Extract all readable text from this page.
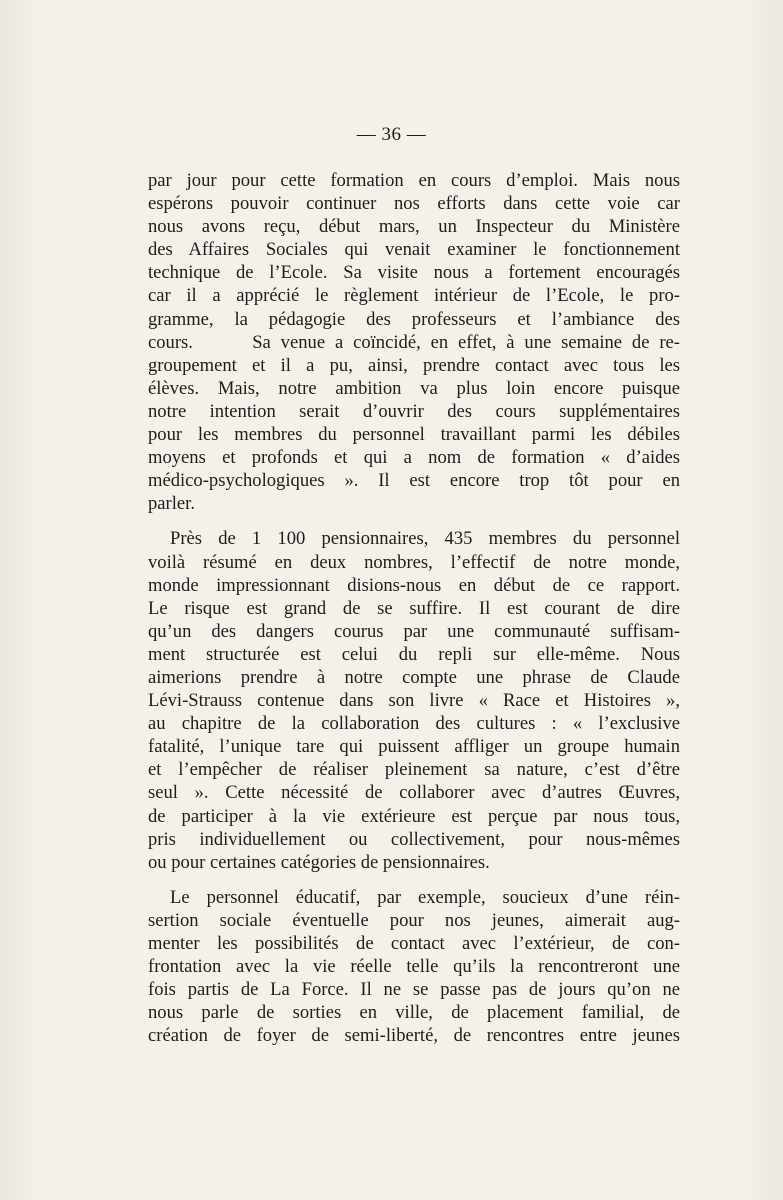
— 36 —
par jour pour cette formation en cours d’emploi. Mais nous
espérons pouvoir continuer nos efforts dans cette voie car
nous avons reçu, début mars, un Inspecteur du Ministère
des Affaires Sociales qui venait examiner le fonctionnement
technique de l’Ecole. Sa visite nous a fortement encouragés
car il a apprécié le règlement intérieur de l’Ecole, le pro-
gramme, la pédagogie des professeurs et l’ambiance des
cours.      Sa venue a coïncidé, en effet, à une semaine de re-
groupement et il a pu, ainsi, prendre contact avec tous les
élèves. Mais, notre ambition va plus loin encore puisque
notre intention serait d’ouvrir des cours supplémentaires
pour les membres du personnel travaillant parmi les débiles
moyens et profonds et qui a nom de formation « d’aides
médico-psychologiques ». Il est encore trop tôt pour en
parler.
Près de 1 100 pensionnaires, 435 membres du personnel
voilà résumé en deux nombres, l’effectif de notre monde,
monde impressionnant disions-nous en début de ce rapport.
Le risque est grand de se suffire. Il est courant de dire
qu’un des dangers courus par une communauté suffisam-
ment structurée est celui du repli sur elle-même. Nous
aimerions prendre à notre compte une phrase de Claude
Lévi-Strauss contenue dans son livre « Race et Histoires »,
au chapitre de la collaboration des cultures : « l’exclusive
fatalité, l’unique tare qui puissent affliger un groupe humain
et l’empêcher de réaliser pleinement sa nature, c’est d’être
seul ». Cette nécessité de collaborer avec d’autres Œuvres,
de participer à la vie extérieure est perçue par nous tous,
pris individuellement ou collectivement, pour nous-mêmes
ou pour certaines catégories de pensionnaires.
Le personnel éducatif, par exemple, soucieux d’une réin-
sertion sociale éventuelle pour nos jeunes, aimerait aug-
menter les possibilités de contact avec l’extérieur, de con-
frontation avec la vie réelle telle qu’ils la rencontreront une
fois partis de La Force. Il ne se passe pas de jours qu’on ne
nous parle de sorties en ville, de placement familial, de
création de foyer de semi-liberté, de rencontres entre jeunes
